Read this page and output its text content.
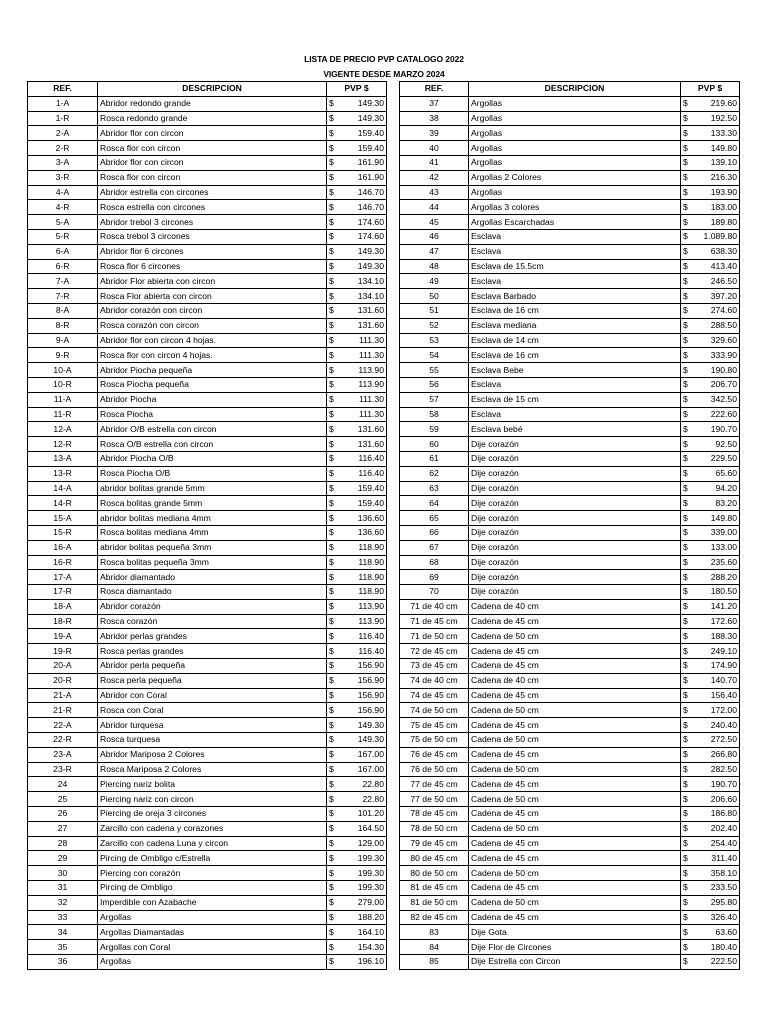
LISTA DE PRECIO PVP CATALOGO 2022
VIGENTE DESDE MARZO 2024
REF.	DESCRIPCION	PVP $
1-A	Abridor redondo grande	$ 149.30

1-R	Rosca redondo grande	$ 149.30

2-A	Abridor flor con circon	$ 159.40

2-R	Rosca flor con circon	$ 159.40

3-A	Abridor flor con circon	$ 161.90

3-R	Rosca flor con circon	$ 161.90

4-A	Abridor estrella con circones	$ 146.70

4-R	Rosca estrella con circones	$ 146.70

5-A	Abridor trebol 3 circones	$ 174.60

5-R	Rosca trebol 3 circones	$ 174.60

6-A	Abridor flor 6 circones	$ 149.30

6-R	Rosca flor 6 circones	$ 149.30

7-A	Abridor Flor abierta con circon	$ 134.10

7-R	Rosca Flor abierta con circon	$ 134.10

8-A	Abridor corazón con circon	$ 131.60

8-R	Rosca corazón con circon	$ 131.60

9-A	Abridor flor con circon 4 hojas.	$ 111.30

9-R	Rosca flor con circon 4 hojas.	$ 111.30

10-A	Abridor Piocha pequeña	$ 113.90

10-R	Rosca Piocha pequeña	$ 113.90

11-A	Abridor Piocha	$ 111.30

11-R	Rosca Piocha	$ 111.30

12-A	Abridor O/B estrella con circon	$ 131.60

12-R	Rosca O/B estrella con circon	$ 131.60

13-A	Abridor Piocha O/B	$ 116.40

13-R	Rosca Piocha O/B	$ 116.40

14-A	abridor bolitas grande 5mm	$ 159.40

14-R	Rosca bolitas grande 5mm	$ 159.40

15-A	abridor bolitas mediana 4mm	$ 136.60

15-R	Rosca bolitas mediana 4mm	$ 136.60

16-A	abridor bolitas pequeña 3mm	$ 118.90

16-R	Rosca bolitas pequeña 3mm	$ 118.90

17-A	Abridor diamantado	$ 118.90

17-R	Rosca diamantado	$ 118.90

18-A	Abridor corazón	$ 113.90

18-R	Rosca corazón	$ 113.90

19-A	Abridor perlas grandes	$ 116.40

19-R	Rosca perlas grandes	$ 116.40

20-A	Abridor perla pequeña	$ 156.90

20-R	Rosca perla pequeña	$ 156.90

21-A	Abridor con Coral	$ 156.90

21-R	Rosca con Coral	$ 156.90

22-A	Abridor turquesa	$ 149.30

22-R	Rosca turquesa	$ 149.30

23-A	Abridor Mariposa 2 Colores	$ 167.00

23-R	Rosca Mariposa 2 Colores	$ 167.00

24	Piercing nariz bolita	$ 22.80

25	Piercing nariz con circon	$ 22.80

26	Piercing de oreja 3 circones	$ 101.20

27	Zarcillo con cadena y corazones	$ 164.50

28	Zarcillo con cadena Luna y circon	$ 129.00

29	Pircing de Ombligo c/Estrella	$ 199.30

30	Piercing con corazón	$ 199.30

31	Pircing de Ombligo	$ 199.30

32	Imperdible con Azabache	$ 279.00

33	Argollas	$ 188.20

34	Argollas Diamantadas	$ 164.10

35	Argollas con Coral	$ 154.30

36	Argollas	$ 196.10
REF.	DESCRIPCION	PVP $
37	Argollas	$ 219.60

38	Argollas	$ 192.50

39	Argollas	$ 133.30

40	Argollas	$ 149.80

41	Argollas	$ 139.10

42	Argollas 2 Colores	$ 216.30

43	Argollas	$ 193.90

44	Argollas 3 colores	$ 183.00

45	Argollas Escarchadas	$ 189.80

46	Esclava	$ 1.089.80

47	Esclava	$ 638.30

48	Esclava de 15.5cm	$ 413.40

49	Esclava	$ 246.50

50	Esclava Barbado	$ 397.20

51	Esclava de 16 cm	$ 274.60

52	Esclava mediana	$ 288.50

53	Esclava de 14 cm	$ 329.60

54	Esclava de 16 cm	$ 333.90

55	Esclava Bebe	$ 190.80

56	Esclava	$ 206.70

57	Esclava de 15 cm	$ 342.50

58	Esclava	$ 222.60

59	Esclava bebé	$ 190.70

60	Dije corazón	$ 92.50

61	Dije corazón	$ 229.50

62	Dije corazón	$ 65.60

63	Dije corazón	$ 94.20

64	Dije corazón	$ 83.20

65	Dije corazón	$ 149.80

66	Dije corazón	$ 339.00

67	Dije corazón	$ 133.00

68	Dije corazón	$ 235.60

69	Dije corazón	$ 288.20

70	Dije corazón	$ 180.50

71 de 40 cm	Cadena de 40 cm	$ 141.20

71 de 45 cm	Cadena de 45 cm	$ 172.60

71 de 50 cm	Cadena de 50 cm	$ 188.30

72 de 45 cm	Cadena de 45 cm	$ 249.10

73 de 45 cm	Cadena de 45 cm	$ 174.90

74 de 40 cm	Cadena de 40 cm	$ 140.70

74 de 45 cm	Cadena de 45 cm	$ 156.40

74 de 50 cm	Cadena de 50 cm	$ 172.00

75 de 45 cm	Cadena de 45 cm	$ 240.40

75 de 50 cm	Cadena de 50 cm	$ 272.50

76 de 45 cm	Cadena de 45 cm	$ 266.80

76 de 50 cm	Cadena de 50 cm	$ 282.50

77 de 45 cm	Cadena de 45 cm	$ 190.70

77 de 50 cm	Cadena de 50 cm	$ 206.60

78 de 45 cm	Cadena de 45 cm	$ 186.80

78 de 50 cm	Cadena de 50 cm	$ 202.40

79 de 45 cm	Cadena de 45 cm	$ 254.40

80 de 45 cm	Cadena de 45 cm	$ 311.40

80 de 50 cm	Cadena de 50 cm	$ 358.10

81 de 45 cm	Cadena de 45 cm	$ 233.50

81 de 50 cm	Cadena de 50 cm	$ 295.80

82 de 45 cm	Cadena de 45 cm	$ 326.40

83	Dije Gota	$ 63.60

84	Dije Flor de Circones	$ 180.40

85	Dije Estrella con Circon	$ 222.50
